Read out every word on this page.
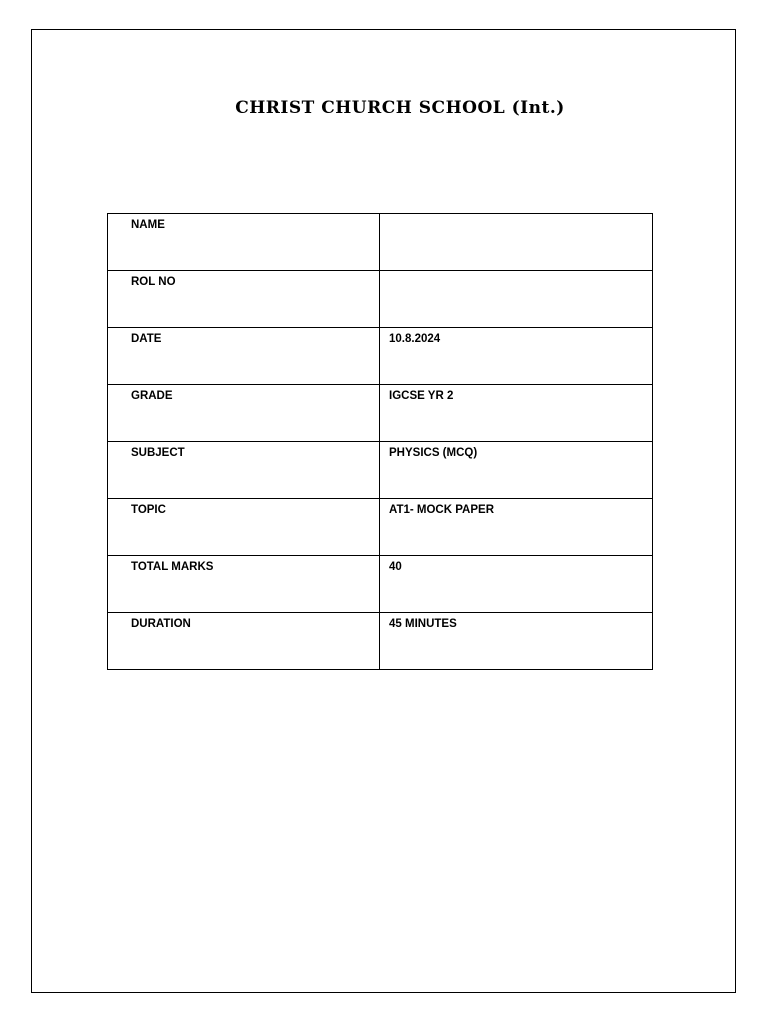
CHRIST CHURCH SCHOOL (Int.)
NAME	
ROL NO	
DATE	10.8.2024
GRADE	IGCSE YR 2
SUBJECT	PHYSICS (MCQ)
TOPIC	AT1- MOCK PAPER
TOTAL MARKS	40
DURATION	45 MINUTES
